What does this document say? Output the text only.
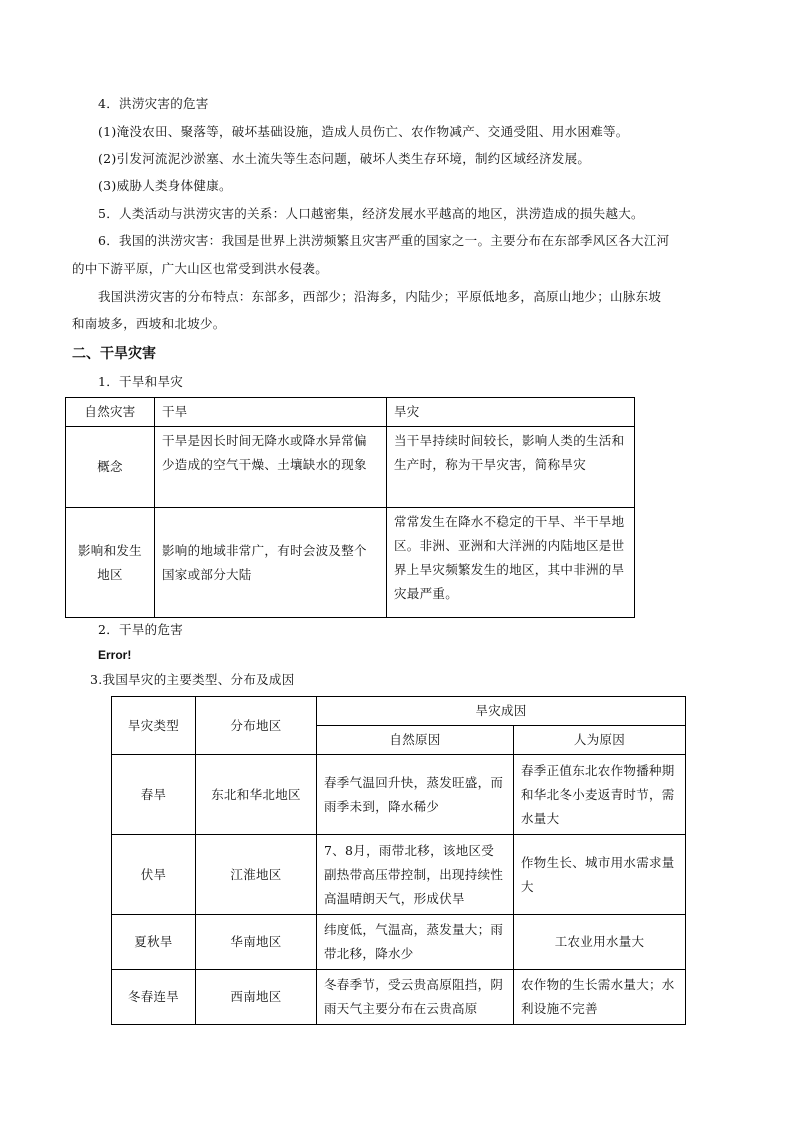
4．洪涝灾害的危害
(1)淹没农田、聚落等，破坏基础设施，造成人员伤亡、农作物减产、交通受阻、用水困难等。
(2)引发河流泥沙淤塞、水土流失等生态问题，破坏人类生存环境，制约区域经济发展。
(3)威胁人类身体健康。
5．人类活动与洪涝灾害的关系：人口越密集，经济发展水平越高的地区，洪涝造成的损失越大。
6．我国的洪涝灾害：我国是世界上洪涝频繁且灾害严重的国家之一。主要分布在东部季风区各大江河
的中下游平原，广大山区也常受到洪水侵袭。
我国洪涝灾害的分布特点：东部多，西部少；沿海多，内陆少；平原低地多，高原山地少；山脉东坡
和南坡多，西坡和北坡少。
二、干旱灾害
1．干旱和旱灾
自然灾害	干旱	旱灾
概念	干旱是因长时间无降水或降水异常偏少造成的空气干燥、土壤缺水的现象	当干旱持续时间较长，影响人类的生活和生产时，称为干旱灾害，简称旱灾
影响和发生
地区	影响的地域非常广，有时会波及整个国家或部分大陆	常常发生在降水不稳定的干旱、半干旱地区。非洲、亚洲和大洋洲的内陆地区是世界上旱灾频繁发生的地区，其中非洲的旱灾最严重。
2．干旱的危害
Error!
3.我国旱灾的主要类型、分布及成因
旱灾类型	分布地区	旱灾成因	
		自然原因	人为原因
春旱	东北和华北地区	春季气温回升快，蒸发旺盛，而雨季未到，降水稀少	春季正值东北农作物播种期和华北冬小麦返青时节，需水量大
伏旱	江淮地区	7、8月，雨带北移，该地区受副热带高压带控制，出现持续性高温晴朗天气，形成伏旱	作物生长、城市用水需求量大
夏秋旱	华南地区	纬度低，气温高，蒸发量大；雨带北移，降水少	工农业用水量大
冬春连旱	西南地区	冬春季节，受云贵高原阻挡，阴雨天气主要分布在云贵高原	农作物的生长需水量大；水利设施不完善
